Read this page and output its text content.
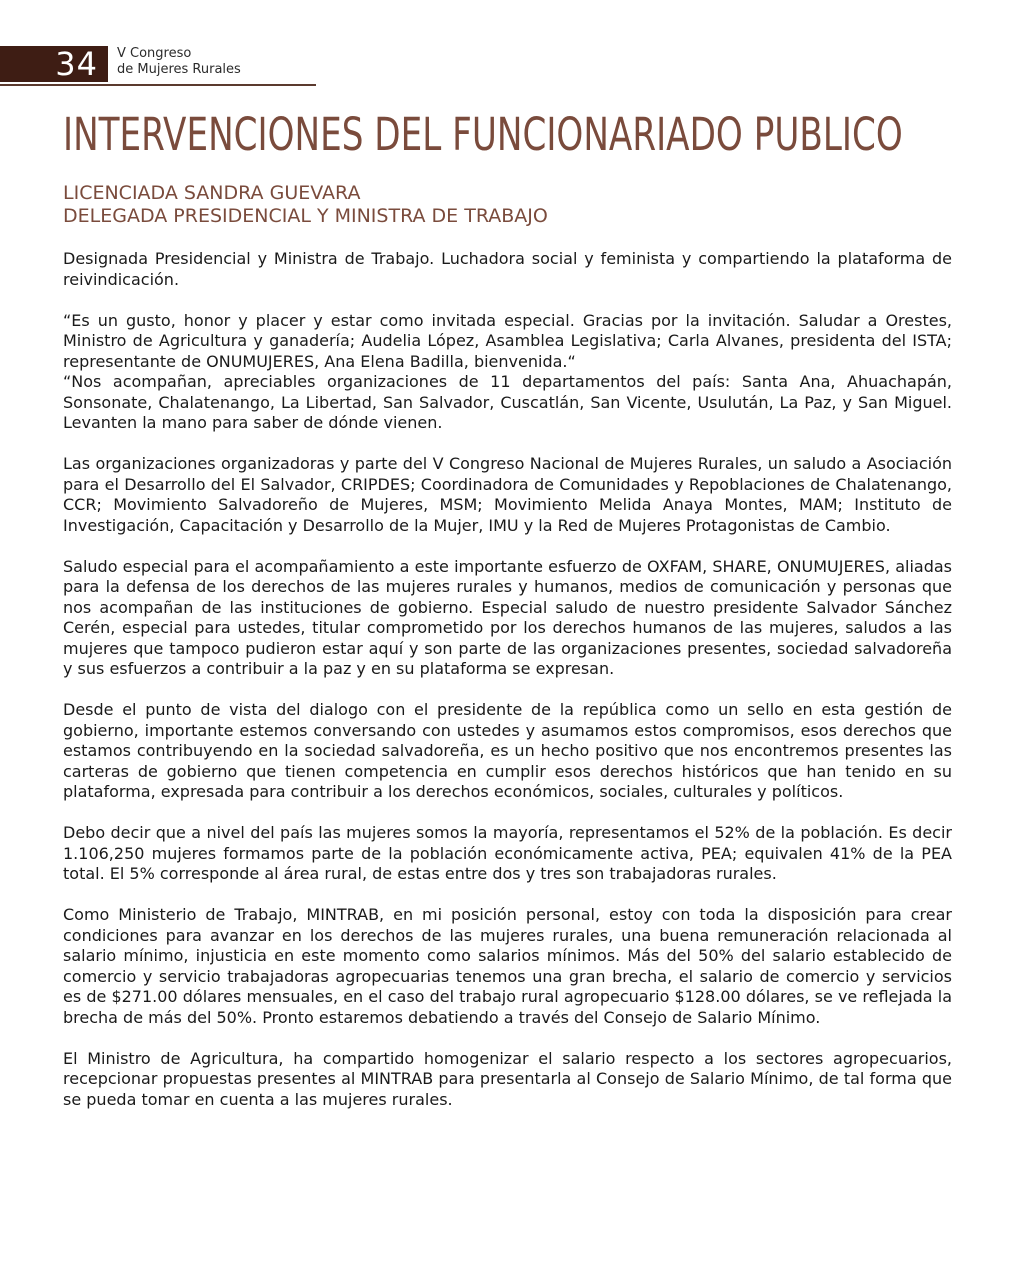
34	V Congreso
de Mujeres Rurales
INTERVENCIONES DEL FUNCIONARIADO PUBLICO
LICENCIADA SANDRA GUEVARA
DELEGADA PRESIDENCIAL Y MINISTRA DE TRABAJO

Designada Presidencial y Ministra de Trabajo. Luchadora social y feminista y compartiendo la plataforma de reivindicación.

“Es un gusto, honor y placer y estar como invitada especial. Gracias por la invitación. Saludar a Orestes, Ministro de Agricultura y ganadería; Audelia López, Asamblea Legislativa; Carla Alvanes, presidenta del ISTA; representante de ONUMUJERES, Ana Elena Badilla, bienvenida.“

“Nos acompañan, apreciables organizaciones de 11 departamentos del país: Santa Ana, Ahuachapán, Sonsonate, Chalatenango, La Libertad, San Salvador, Cuscatlán, San Vicente, Usulután, La Paz, y San Miguel. Levanten la mano para saber de dónde vienen.

Las organizaciones organizadoras y parte del V Congreso Nacional de Mujeres Rurales, un saludo a Asociación para el Desarrollo del El Salvador, CRIPDES; Coordinadora de Comunidades y Repoblaciones de Chalatenango, CCR; Movimiento Salvadoreño de Mujeres, MSM; Movimiento Melida Anaya Montes, MAM; Instituto de Investigación, Capacitación y Desarrollo de la Mujer, IMU y la Red de Mujeres Protagonistas de Cambio.

Saludo especial para el acompañamiento a este importante esfuerzo de OXFAM, SHARE, ONUMUJERES, aliadas para la defensa de los derechos de las mujeres rurales y humanos, medios de comunicación y personas que nos acompañan de las instituciones de gobierno. Especial saludo de nuestro presidente Salvador Sánchez Cerén, especial para ustedes, titular comprometido por los derechos humanos de las mujeres, saludos a las mujeres que tampoco pudieron estar aquí y son parte de las organizaciones presentes, sociedad salvadoreña y sus esfuerzos a contribuir a la paz y en su plataforma se expresan.

Desde el punto de vista del dialogo con el presidente de la república como un sello en esta gestión de gobierno, importante estemos conversando con ustedes y asumamos estos compromisos, esos derechos que estamos contribuyendo en la sociedad salvadoreña, es un hecho positivo que nos encontremos presentes las carteras de gobierno que tienen competencia en cumplir esos derechos históricos que han tenido en su plataforma, expresada para contribuir a los derechos económicos, sociales, culturales y políticos.

Debo decir que a nivel del país las mujeres somos la mayoría, representamos el 52% de la población. Es decir 1.106,250 mujeres formamos parte de la población económicamente activa, PEA; equivalen 41% de la PEA total. El 5% corresponde al área rural, de estas entre dos y tres son trabajadoras rurales.

Como Ministerio de Trabajo, MINTRAB, en mi posición personal, estoy con toda la disposición para crear condiciones para avanzar en los derechos de las mujeres rurales, una buena remuneración relacionada al salario mínimo, injusticia en este momento como salarios mínimos. Más del 50% del salario establecido de comercio y servicio trabajadoras agropecuarias tenemos una gran brecha, el salario de comercio y servicios es de $271.00 dólares mensuales, en el caso del trabajo rural agropecuario $128.00 dólares, se ve reflejada la brecha de más del 50%. Pronto estaremos debatiendo a través del Consejo de Salario Mínimo.

El Ministro de Agricultura, ha compartido homogenizar el salario respecto a los sectores agropecuarios, recepcionar propuestas presentes al MINTRAB para presentarla al Consejo de Salario Mínimo, de tal forma que se pueda tomar en cuenta a las mujeres rurales.
